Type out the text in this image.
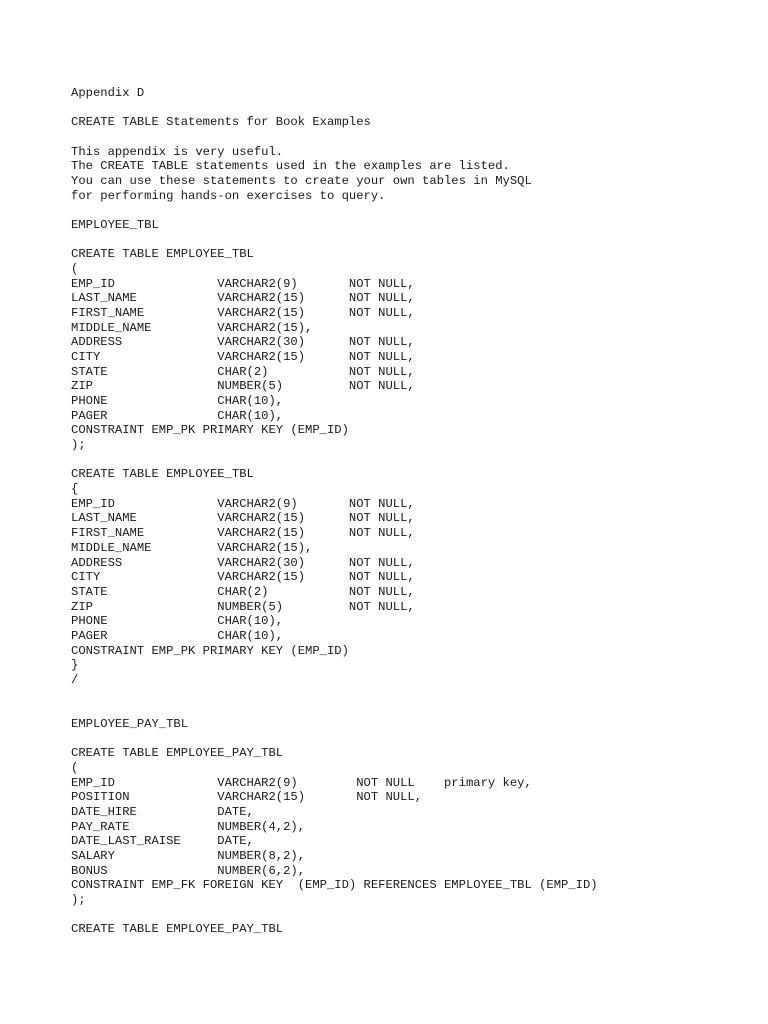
Appendix D
CREATE TABLE Statements for Book Examples
This appendix is very useful.
The CREATE TABLE statements used in the examples are listed.
You can use these statements to create your own tables in MySQL
for performing hands-on exercises to query.
EMPLOYEE_TBL
CREATE TABLE EMPLOYEE_TBL
(
EMP_ID              VARCHAR2(9)       NOT NULL,
LAST_NAME           VARCHAR2(15)      NOT NULL,
FIRST_NAME          VARCHAR2(15)      NOT NULL,
MIDDLE_NAME         VARCHAR2(15),
ADDRESS             VARCHAR2(30)      NOT NULL,
CITY                VARCHAR2(15)      NOT NULL,
STATE               CHAR(2)           NOT NULL,
ZIP                 NUMBER(5)         NOT NULL,
PHONE               CHAR(10),
PAGER               CHAR(10),
CONSTRAINT EMP_PK PRIMARY KEY (EMP_ID)
);
CREATE TABLE EMPLOYEE_TBL
{
EMP_ID              VARCHAR2(9)       NOT NULL,
LAST_NAME           VARCHAR2(15)      NOT NULL,
FIRST_NAME          VARCHAR2(15)      NOT NULL,
MIDDLE_NAME         VARCHAR2(15),
ADDRESS             VARCHAR2(30)      NOT NULL,
CITY                VARCHAR2(15)      NOT NULL,
STATE               CHAR(2)           NOT NULL,
ZIP                 NUMBER(5)         NOT NULL,
PHONE               CHAR(10),
PAGER               CHAR(10),
CONSTRAINT EMP_PK PRIMARY KEY (EMP_ID)
}
/
EMPLOYEE_PAY_TBL
CREATE TABLE EMPLOYEE_PAY_TBL
(
EMP_ID              VARCHAR2(9)        NOT NULL    primary key,
POSITION            VARCHAR2(15)       NOT NULL,
DATE_HIRE           DATE,
PAY_RATE            NUMBER(4,2),
DATE_LAST_RAISE     DATE,
SALARY              NUMBER(8,2),
BONUS               NUMBER(6,2),
CONSTRAINT EMP_FK FOREIGN KEY  (EMP_ID) REFERENCES EMPLOYEE_TBL (EMP_ID)
);
CREATE TABLE EMPLOYEE_PAY_TBL
